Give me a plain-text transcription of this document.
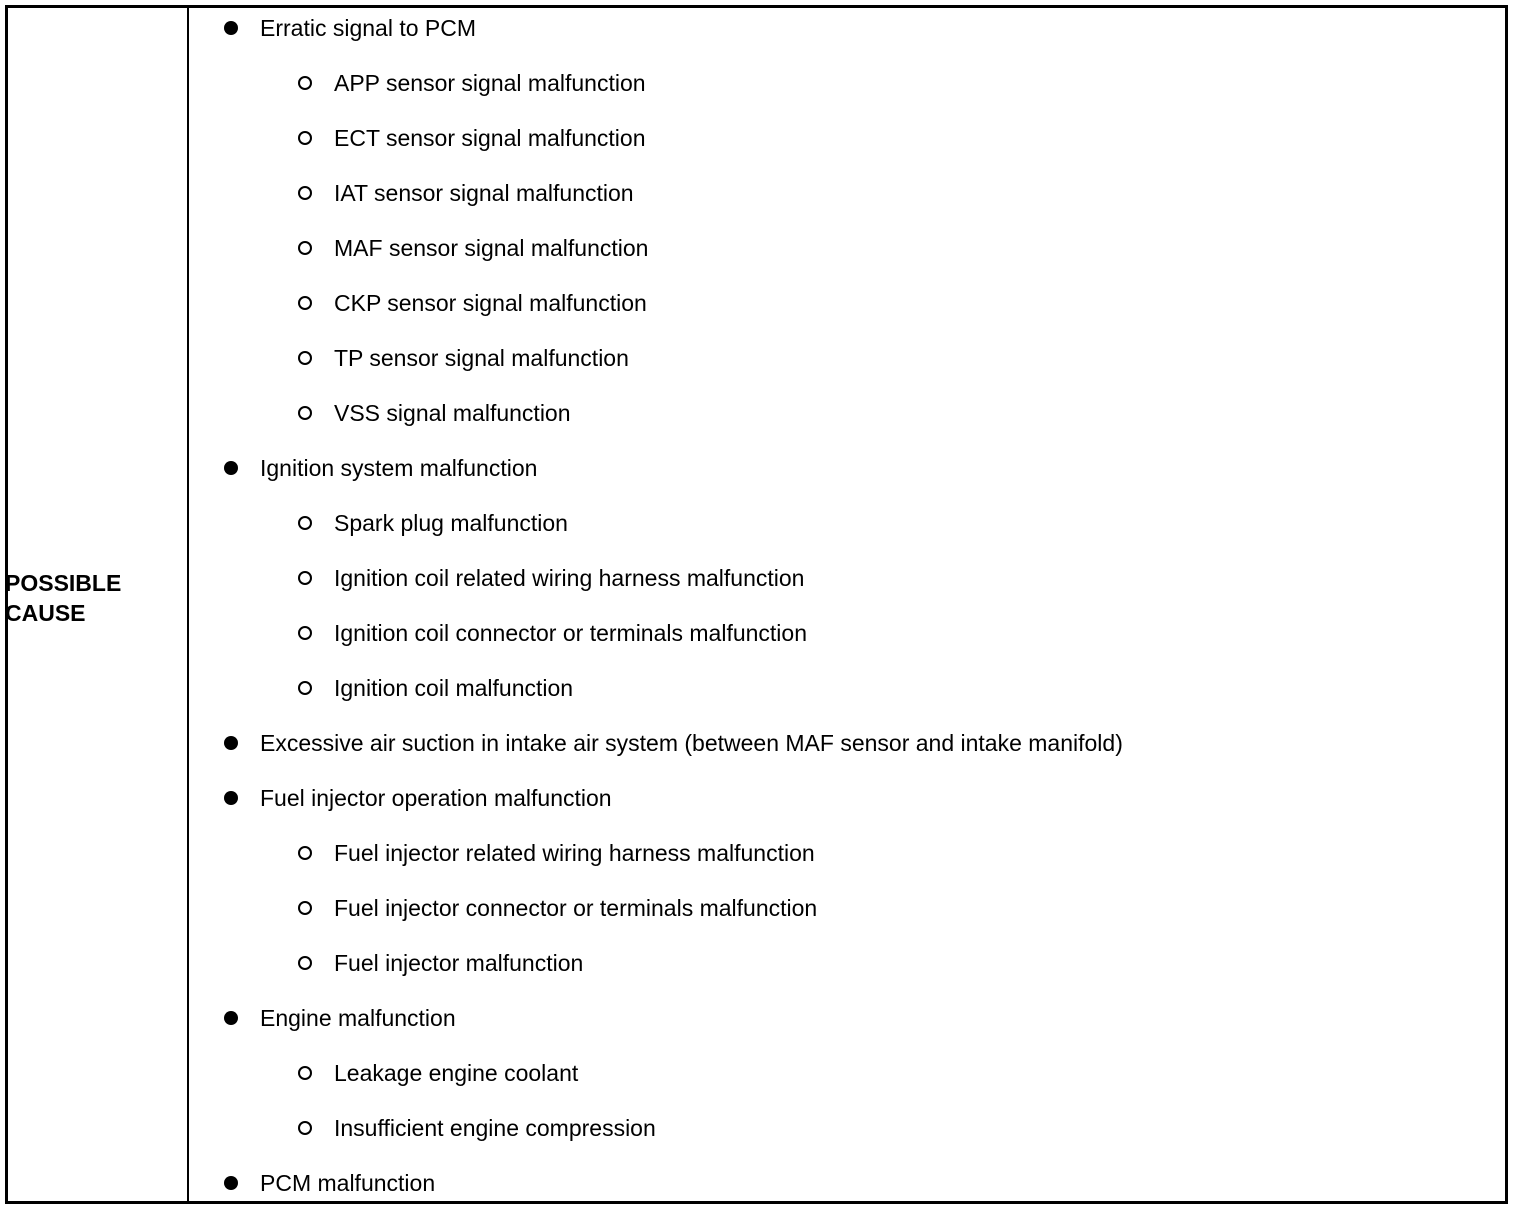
POSSIBLE
CAUSE
Erratic signal to PCM
APP sensor signal malfunction
ECT sensor signal malfunction
IAT sensor signal malfunction
MAF sensor signal malfunction
CKP sensor signal malfunction
TP sensor signal malfunction
VSS signal malfunction
Ignition system malfunction
Spark plug malfunction
Ignition coil related wiring harness malfunction
Ignition coil connector or terminals malfunction
Ignition coil malfunction
Excessive air suction in intake air system (between MAF sensor and intake manifold)
Fuel injector operation malfunction
Fuel injector related wiring harness malfunction
Fuel injector connector or terminals malfunction
Fuel injector malfunction
Engine malfunction
Leakage engine coolant
Insufficient engine compression
PCM malfunction
